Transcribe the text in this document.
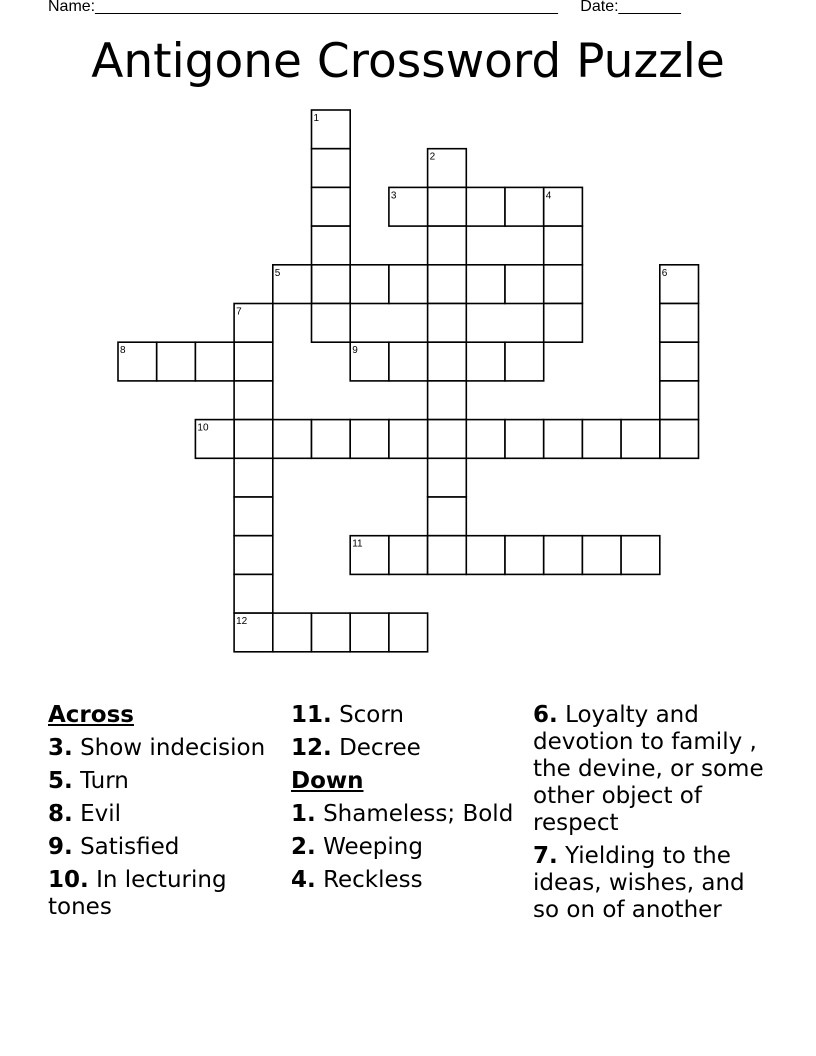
Name:____________________________________________________ Date:_______
Antigone Crossword Puzzle
1
2
3	4
5	6
7
8	9
10
11
12
Across
3. Show indecision
5. Turn
8. Evil
9. Satisfied
10. In lecturing tones
11. Scorn
12. Decree
Down
1. Shameless; Bold
2. Weeping
4. Reckless
6. Loyalty and devotion to family , the devine, or some other object of respect
7. Yielding to the ideas, wishes, and so on of another
